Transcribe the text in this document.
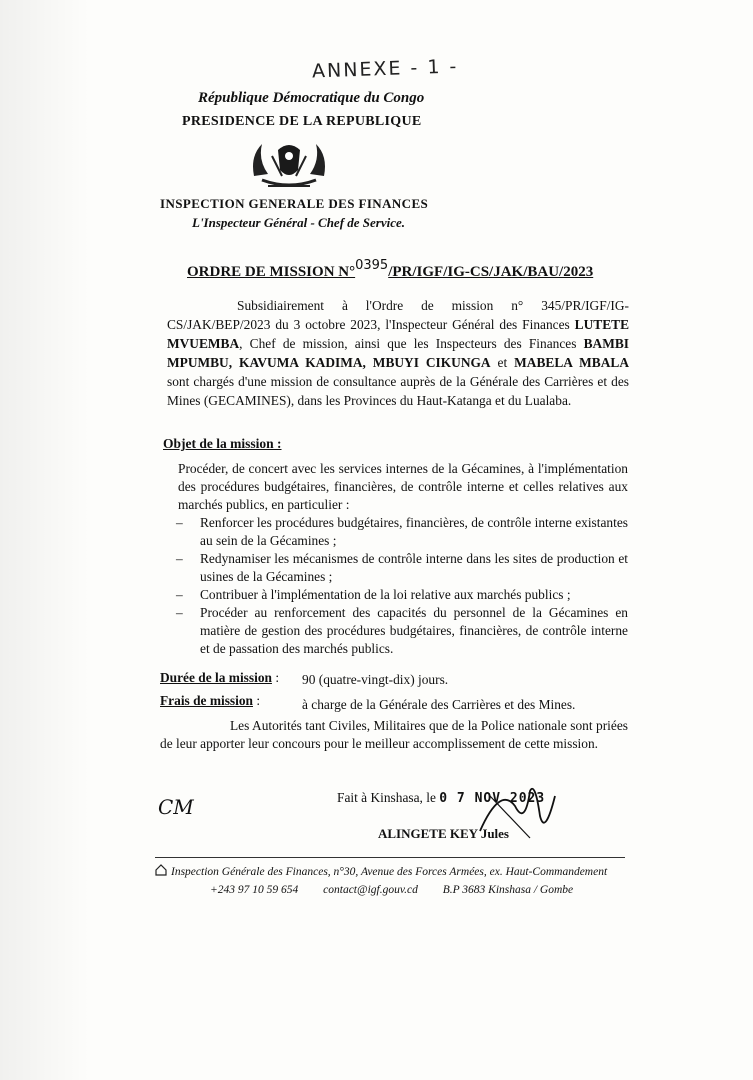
ANNEXE - 1 -
République Démocratique du Congo
PRESIDENCE DE LA REPUBLIQUE
INSPECTION GENERALE DES FINANCES
L'Inspecteur Général - Chef de Service.
ORDRE DE MISSION N°0395/PR/IGF/IG-CS/JAK/BAU/2023
Subsidiairement à l'Ordre de mission n° 345/PR/IGF/IG-CS/JAK/BEP/2023 du 3 octobre 2023, l'Inspecteur Général des Finances LUTETE MVUEMBA, Chef de mission, ainsi que les Inspecteurs des Finances BAMBI MPUMBU, KAVUMA KADIMA, MBUYI CIKUNGA et MABELA MBALA sont chargés d'une mission de consultance auprès de la Générale des Carrières et des Mines (GECAMINES), dans les Provinces du Haut-Katanga et du Lualaba.
Objet de la mission :
Procéder, de concert avec les services internes de la Gécamines, à l'implémentation des procédures budgétaires, financières, de contrôle interne et celles relatives aux marchés publics, en particulier :
– Renforcer les procédures budgétaires, financières, de contrôle interne existantes au sein de la Gécamines ;
– Redynamiser les mécanismes de contrôle interne dans les sites de production et usines de la Gécamines ;
– Contribuer à l'implémentation de la loi relative aux marchés publics ;
– Procéder au renforcement des capacités du personnel de la Gécamines en matière de gestion des procédures budgétaires, financières, de contrôle interne et de passation des marchés publics.
Durée de la mission : 90 (quatre-vingt-dix) jours.
Frais de mission :	à charge de la Générale des Carrières et des Mines.
Les Autorités tant Civiles, Militaires que de la Police nationale sont priées de leur apporter leur concours pour le meilleur accomplissement de cette mission.
CM	Fait à Kinshasa, le 0 7 NOV 2023
ALINGETE KEY Jules
Inspection Générale des Finances, n°30, Avenue des Forces Armées, ex. Haut-Commandement
+243 97 10 59 654 contact@igf.gouv.cd B.P 3683 Kinshasa / Gombe
